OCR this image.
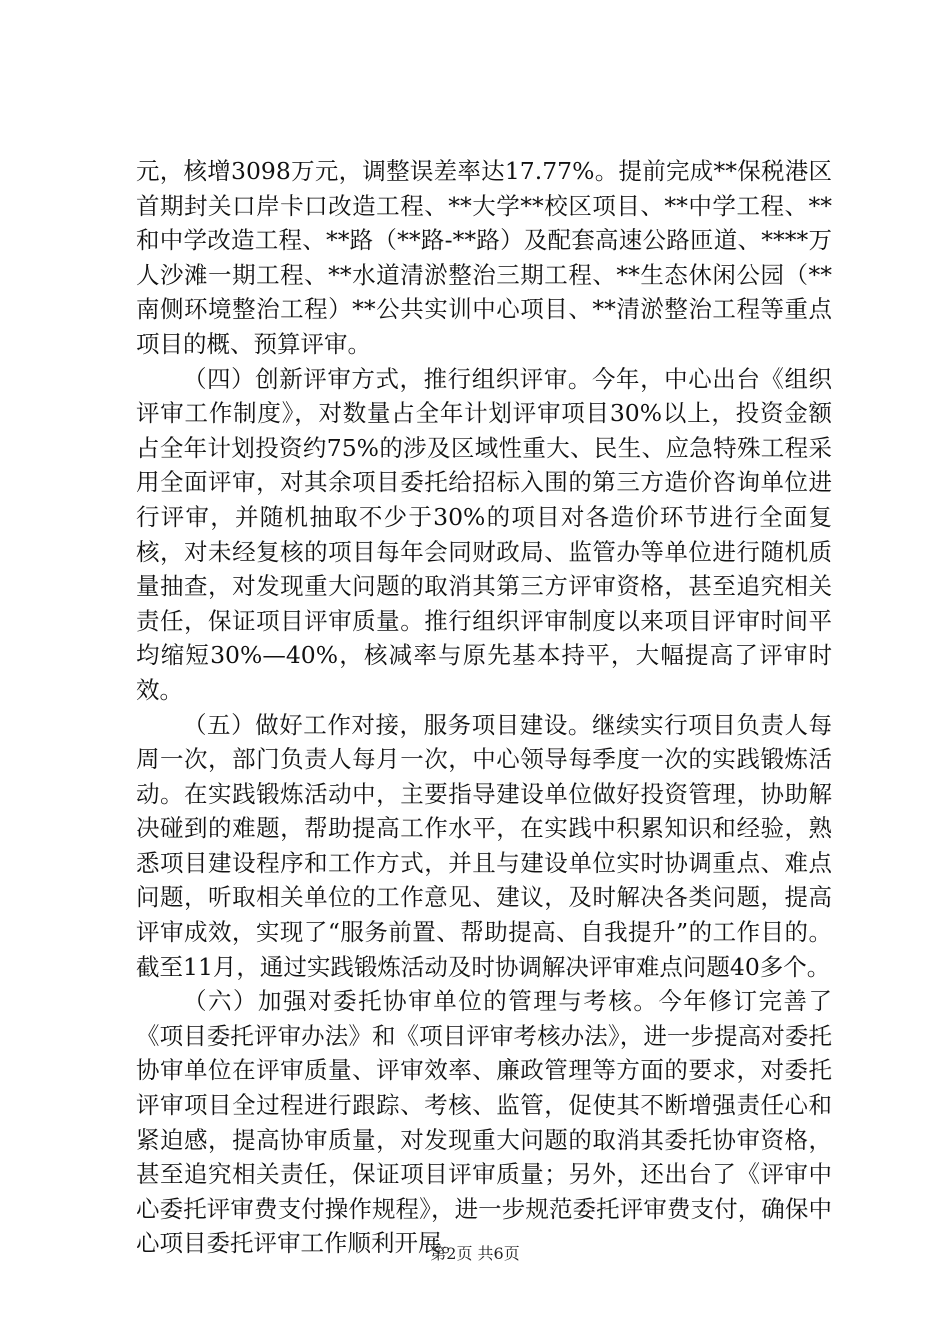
元，核增3098万元，调整误差率达17.77%。提前完成**保税港区首期封关口岸卡口改造工程、**大学**校区项目、**中学工程、**和中学改造工程、**路（**路-**路）及配套高速公路匝道、****万人沙滩一期工程、**水道清淤整治三期工程、**生态休闲公园（**南侧环境整治工程）**公共实训中心项目、**清淤整治工程等重点项目的概、预算评审。

（四）创新评审方式，推行组织评审。今年，中心出台《组织评审工作制度》，对数量占全年计划评审项目30%以上，投资金额占全年计划投资约75%的涉及区域性重大、民生、应急特殊工程采用全面评审，对其余项目委托给招标入围的第三方造价咨询单位进行评审，并随机抽取不少于30%的项目对各造价环节进行全面复核，对未经复核的项目每年会同财政局、监管办等单位进行随机质量抽查，对发现重大问题的取消其第三方评审资格，甚至追究相关责任，保证项目评审质量。推行组织评审制度以来项目评审时间平均缩短30%—40%，核减率与原先基本持平，大幅提高了评审时效。

（五）做好工作对接，服务项目建设。继续实行项目负责人每周一次，部门负责人每月一次，中心领导每季度一次的实践锻炼活动。在实践锻炼活动中，主要指导建设单位做好投资管理，协助解决碰到的难题，帮助提高工作水平，在实践中积累知识和经验，熟悉项目建设程序和工作方式，并且与建设单位实时协调重点、难点问题，听取相关单位的工作意见、建议，及时解决各类问题，提高评审成效，实现了“服务前置、帮助提高、自我提升”的工作目的。截至11月，通过实践锻炼活动及时协调解决评审难点问题40多个。

（六）加强对委托协审单位的管理与考核。今年修订完善了《项目委托评审办法》和《项目评审考核办法》，进一步提高对委托协审单位在评审质量、评审效率、廉政管理等方面的要求，对委托评审项目全过程进行跟踪、考核、监管，促使其不断增强责任心和紧迫感，提高协审质量，对发现重大问题的取消其委托协审资格，甚至追究相关责任，保证项目评审质量；另外，还出台了《评审中心委托评审费支付操作规程》，进一步规范委托评审费支付，确保中心项目委托评审工作顺利开展。

第2页 共6页
